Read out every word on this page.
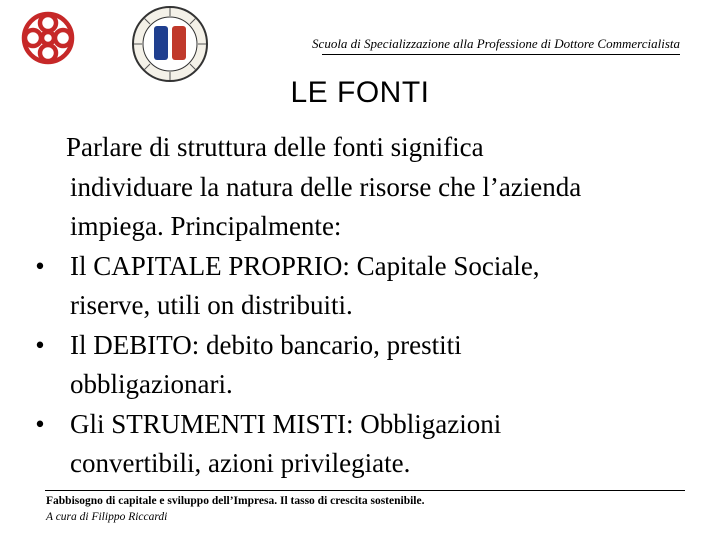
Scuola di Specializzazione alla Professione di Dottore Commercialista
LE FONTI
Parlare di struttura delle fonti significa
individuare la natura delle risorse che l’azienda
impiega. Principalmente:
• Il CAPITALE PROPRIO: Capitale Sociale,
riserve, utili on distribuiti.
• Il DEBITO: debito bancario, prestiti
obbligazionari.
• Gli STRUMENTI MISTI: Obbligazioni
convertibili, azioni privilegiate.
Fabbisogno di capitale e sviluppo dell’Impresa. Il tasso di crescita sostenibile.
A cura di Filippo Riccardi
